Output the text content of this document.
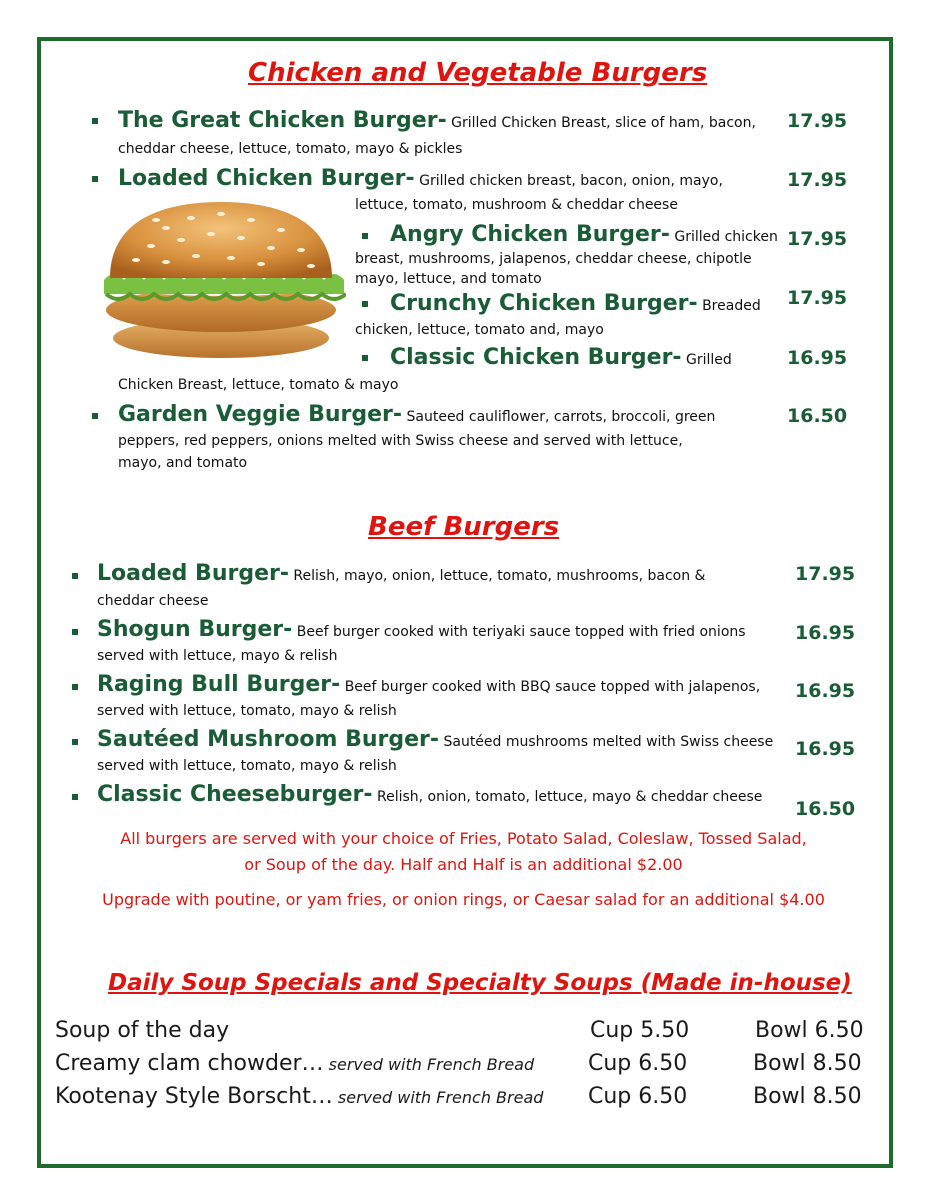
Chicken and Vegetable Burgers
The Great Chicken Burger- Grilled Chicken Breast, slice of ham, bacon,
cheddar cheese, lettuce, tomato, mayo & pickles
17.95
Loaded Chicken Burger- Grilled chicken breast, bacon, onion, mayo,
lettuce, tomato, mushroom & cheddar cheese
17.95
Angry Chicken Burger- Grilled chicken
breast, mushrooms, jalapenos, cheddar cheese, chipotle
mayo, lettuce, and tomato
17.95
Crunchy Chicken Burger- Breaded
chicken, lettuce, tomato and, mayo
17.95
Classic Chicken Burger- Grilled
Chicken Breast, lettuce, tomato & mayo
16.95
Garden Veggie Burger- Sauteed cauliflower, carrots, broccoli, green
peppers, red peppers, onions melted with Swiss cheese and served with lettuce,
mayo, and tomato
16.50
Beef Burgers
Loaded Burger- Relish, mayo, onion, lettuce, tomato, mushrooms, bacon &
cheddar cheese
17.95
Shogun Burger- Beef burger cooked with teriyaki sauce topped with fried onions
served with lettuce, mayo & relish
16.95
Raging Bull Burger- Beef burger cooked with BBQ sauce topped with jalapenos,
served with lettuce, tomato, mayo & relish
16.95
Sautéed Mushroom Burger- Sautéed mushrooms melted with Swiss cheese
served with lettuce, tomato, mayo & relish
16.95
Classic Cheeseburger- Relish, onion, tomato, lettuce, mayo & cheddar cheese
16.50
All burgers are served with your choice of Fries, Potato Salad, Coleslaw, Tossed Salad,
or Soup of the day. Half and Half is an additional $2.00
Upgrade with poutine, or yam fries, or onion rings, or Caesar salad for an additional $4.00
Daily Soup Specials and Specialty Soups (Made in-house)
Soup of the day	Cup 5.50	Bowl 6.50
Creamy clam chowder… served with French Bread Cup 6.50	Bowl 8.50
Kootenay Style Borscht… served with French Bread Cup 6.50	Bowl 8.50
